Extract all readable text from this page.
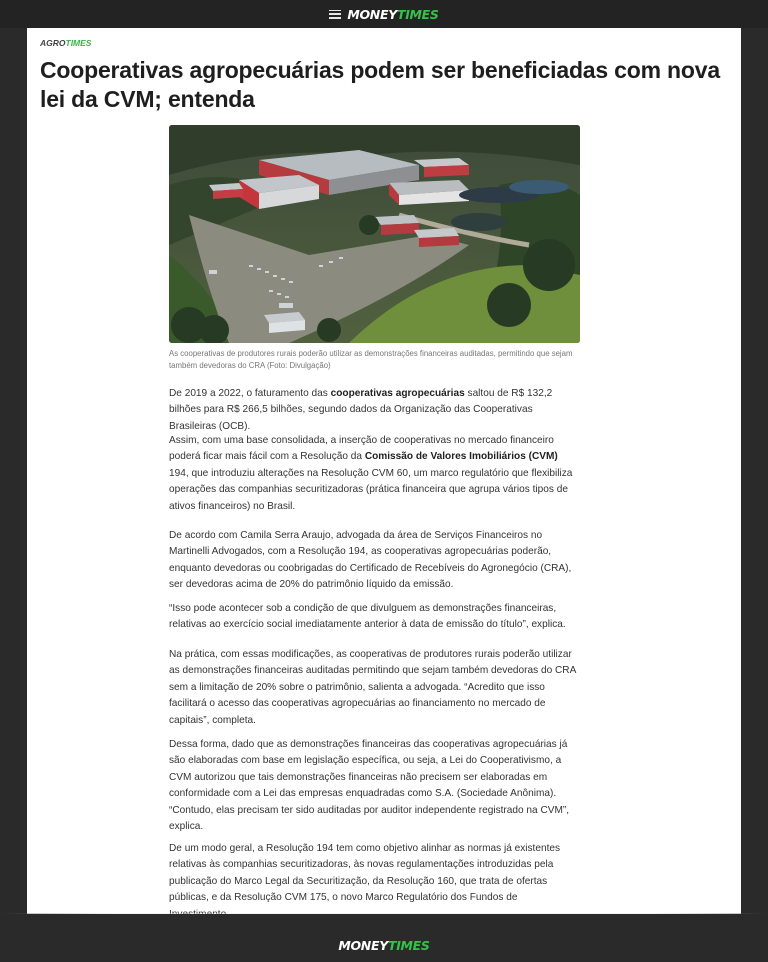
MONEYTIMES
AGROTIMES
Cooperativas agropecuárias podem ser beneficiadas com nova lei da CVM; entenda
As cooperativas de produtores rurais poderão utilizar as demonstrações financeiras auditadas, permitindo que sejam
também devedoras do CRA (Foto: Divulgação)

De 2019 a 2022, o faturamento das cooperativas agropecuárias saltou de R$ 132,2 bilhões para R$ 266,5 bilhões, segundo dados da Organização das Cooperativas Brasileiras (OCB).

Assim, com uma base consolidada, a inserção de cooperativas no mercado financeiro poderá ficar mais fácil com a Resolução da Comissão de Valores Imobiliários (CVM) 194, que introduziu alterações na Resolução CVM 60, um marco regulatório que flexibiliza operações das companhias securitizadoras (prática financeira que agrupa vários tipos de ativos financeiros) no Brasil.

De acordo com Camila Serra Araujo, advogada da área de Serviços Financeiros no Martinelli Advogados, com a Resolução 194, as cooperativas agropecuárias poderão, enquanto devedoras ou coobrigadas do Certificado de Recebíveis do Agronegócio (CRA), ser devedoras acima de 20% do patrimônio líquido da emissão.

“Isso pode acontecer sob a condição de que divulguem as demonstrações financeiras, relativas ao exercício social imediatamente anterior à data de emissão do título”, explica.

Na prática, com essas modificações, as cooperativas de produtores rurais poderão utilizar as demonstrações financeiras auditadas permitindo que sejam também devedoras do CRA sem a limitação de 20% sobre o patrimônio, salienta a advogada. “Acredito que isso facilitará o acesso das cooperativas agropecuárias ao financiamento no mercado de capitais”, completa.

Dessa forma, dado que as demonstrações financeiras das cooperativas agropecuárias já são elaboradas com base em legislação específica, ou seja, a Lei do Cooperativismo, a CVM autorizou que tais demonstrações financeiras não precisem ser elaboradas em conformidade com a Lei das empresas enquadradas como S.A. (Sociedade Anônima). “Contudo, elas precisam ter sido auditadas por auditor independente registrado na CVM”, explica.

De um modo geral, a Resolução 194 tem como objetivo alinhar as normas já existentes relativas às companhias securitizadoras, às novas regulamentações introduzidas pela publicação do Marco Legal da Securitização, da Resolução 160, que trata de ofertas públicas, e da Resolução CVM 175, o novo Marco Regulatório dos Fundos de

MONEYTIMES
